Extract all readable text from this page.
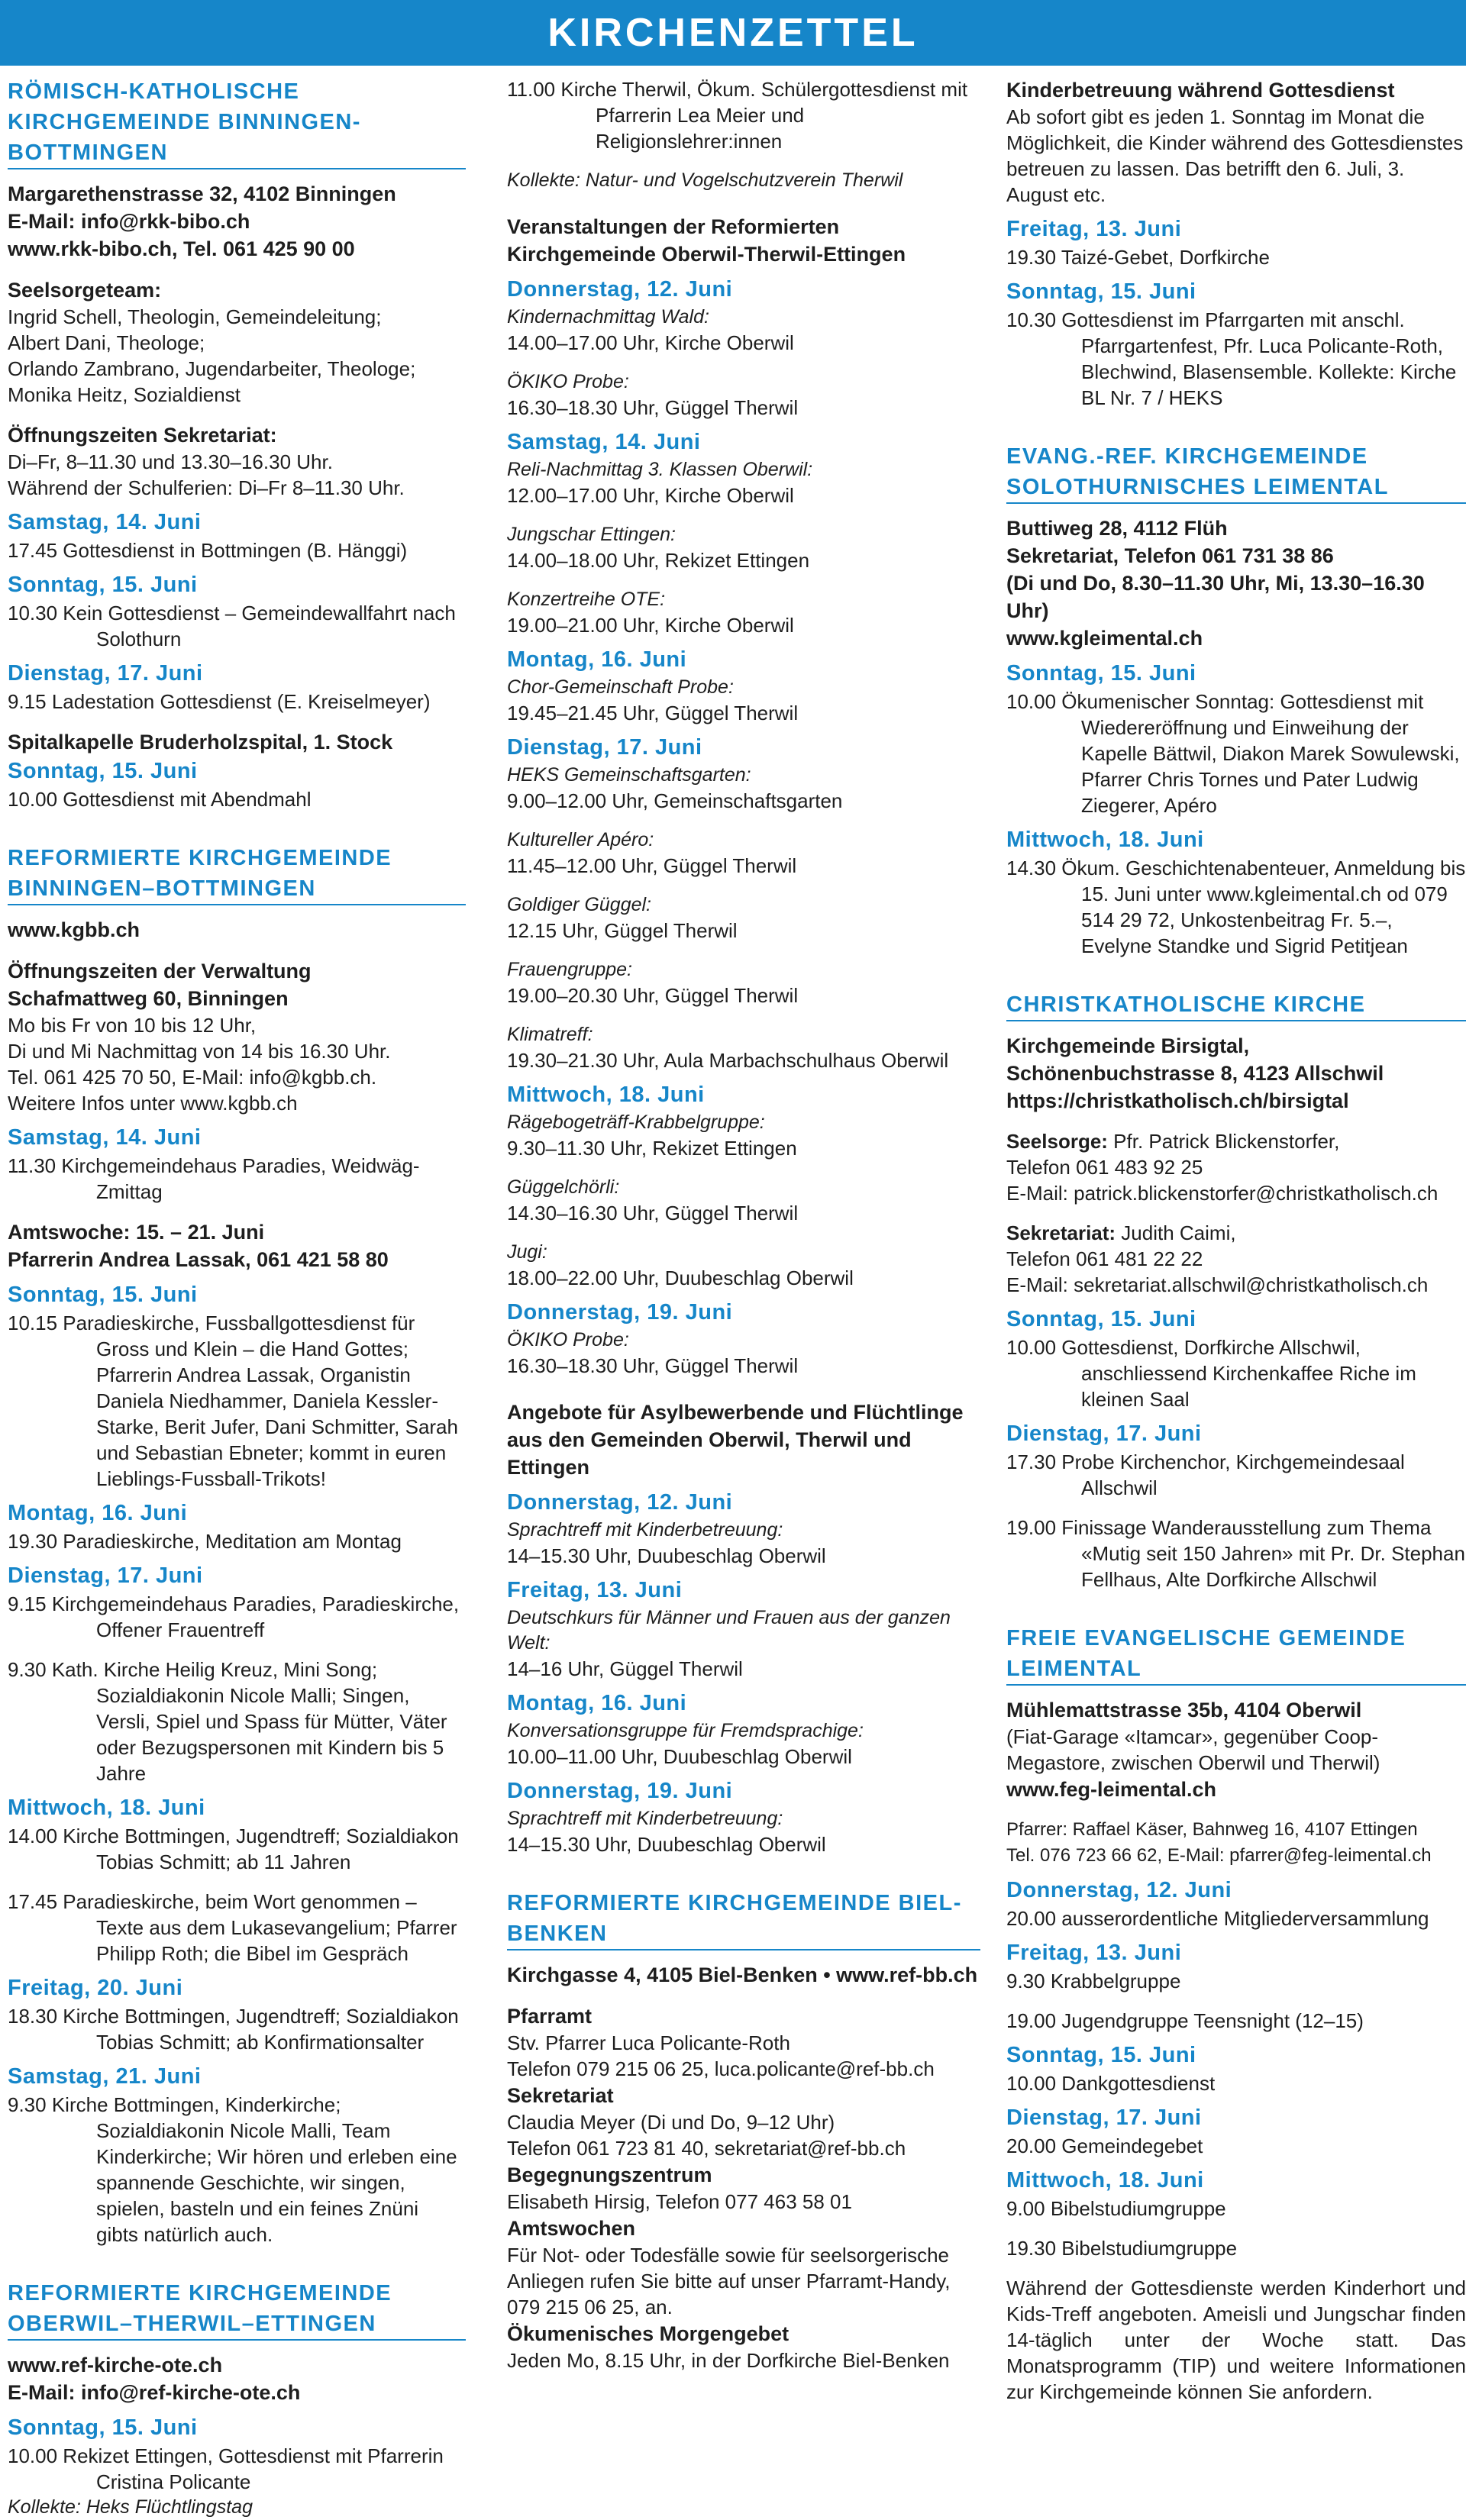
KIRCHENZETTEL
RÖMISCH-KATHOLISCHE KIRCHGEMEINDE BINNINGEN-BOTTMINGEN
Margarethenstrasse 32, 4102 Binningen
E-Mail: info@rkk-bibo.ch
www.rkk-bibo.ch, Tel. 061 425 90 00
Seelsorgeteam:
Ingrid Schell, Theologin, Gemeindeleitung;
Albert Dani, Theologe;
Orlando Zambrano, Jugendarbeiter, Theologe;
Monika Heitz, Sozialdienst
Öffnungszeiten Sekretariat:
Di–Fr, 8–11.30 und 13.30–16.30 Uhr.
Während der Schulferien: Di–Fr 8–11.30 Uhr.
Samstag, 14. Juni
17.45 Gottesdienst in Bottmingen (B. Hänggi)
Sonntag, 15. Juni
10.30 Kein Gottesdienst – Gemeindewallfahrt nach Solothurn
Dienstag, 17. Juni
9.15 Ladestation Gottesdienst (E. Kreiselmeyer)
Spitalkapelle Bruderholzspital, 1. Stock
Sonntag, 15. Juni
10.00 Gottesdienst mit Abendmahl
REFORMIERTE KIRCHGEMEINDE BINNINGEN–BOTTMINGEN
www.kgbb.ch
Öffnungszeiten der Verwaltung
Schafmattweg 60, Binningen
Mo bis Fr von 10 bis 12 Uhr,
Di und Mi Nachmittag von 14 bis 16.30 Uhr.
Tel. 061 425 70 50, E-Mail: info@kgbb.ch.
Weitere Infos unter www.kgbb.ch
Samstag, 14. Juni
11.30 Kirchgemeindehaus Paradies, Weidwäg-Zmittag
Amtswoche: 15. – 21. Juni
Pfarrerin Andrea Lassak, 061 421 58 80
Sonntag, 15. Juni
10.15 Paradieskirche, Fussballgottesdienst für Gross und Klein – die Hand Gottes; Pfarrerin Andrea Lassak, Organistin Daniela Niedhammer, Daniela Kessler-Starke, Berit Jufer, Dani Schmitter, Sarah und Sebastian Ebneter; kommt in euren Lieblings-Fussball-Trikots!
Montag, 16. Juni
19.30 Paradieskirche, Meditation am Montag
Dienstag, 17. Juni
9.15 Kirchgemeindehaus Paradies, Paradieskirche, Offener Frauentreff
9.30 Kath. Kirche Heilig Kreuz, Mini Song; Sozialdiakonin Nicole Malli; Singen, Versli, Spiel und Spass für Mütter, Väter oder Bezugspersonen mit Kindern bis 5 Jahre
Mittwoch, 18. Juni
14.00 Kirche Bottmingen, Jugendtreff; Sozialdiakon Tobias Schmitt; ab 11 Jahren
17.45 Paradieskirche, beim Wort genommen – Texte aus dem Lukasevangelium; Pfarrer Philipp Roth; die Bibel im Gespräch
Freitag, 20. Juni
18.30 Kirche Bottmingen, Jugendtreff; Sozialdiakon Tobias Schmitt; ab Konfirmationsalter
Samstag, 21. Juni
9.30 Kirche Bottmingen, Kinderkirche; Sozialdiakonin Nicole Malli, Team Kinderkirche; Wir hören und erleben eine spannende Geschichte, wir singen, spielen, basteln und ein feines Znüni gibts natürlich auch.
REFORMIERTE KIRCHGEMEINDE OBERWIL–THERWIL–ETTINGEN
www.ref-kirche-ote.ch
E-Mail: info@ref-kirche-ote.ch
Sonntag, 15. Juni
10.00 Rekizet Ettingen, Gottesdienst mit Pfarrerin Cristina Policante
Kollekte: Heks Flüchtlingstag
11.00 Kirche Therwil, Ökum. Schülergottesdienst mit Pfarrerin Lea Meier und Religionslehrer:innen
Kollekte: Natur- und Vogelschutzverein Therwil
Veranstaltungen der Reformierten Kirchgemeinde Oberwil-Therwil-Ettingen
Donnerstag, 12. Juni
Kindernachmittag Wald:
14.00–17.00 Uhr, Kirche Oberwil
ÖKIKO Probe:
16.30–18.30 Uhr, Güggel Therwil
Samstag, 14. Juni
Reli-Nachmittag 3. Klassen Oberwil:
12.00–17.00 Uhr, Kirche Oberwil
Jungschar Ettingen:
14.00–18.00 Uhr, Rekizet Ettingen
Konzertreihe OTE:
19.00–21.00 Uhr, Kirche Oberwil
Montag, 16. Juni
Chor-Gemeinschaft Probe:
19.45–21.45 Uhr, Güggel Therwil
Dienstag, 17. Juni
HEKS Gemeinschaftsgarten:
9.00–12.00 Uhr, Gemeinschaftsgarten
Kultureller Apéro:
11.45–12.00 Uhr, Güggel Therwil
Goldiger Güggel:
12.15 Uhr, Güggel Therwil
Frauengruppe:
19.00–20.30 Uhr, Güggel Therwil
Klimatreff:
19.30–21.30 Uhr, Aula Marbachschulhaus Oberwil
Mittwoch, 18. Juni
Rägebogeträff-Krabbelgruppe:
9.30–11.30 Uhr, Rekizet Ettingen
Güggelchörli:
14.30–16.30 Uhr, Güggel Therwil
Jugi:
18.00–22.00 Uhr, Duubeschlag Oberwil
Donnerstag, 19. Juni
ÖKIKO Probe:
16.30–18.30 Uhr, Güggel Therwil
Angebote für Asylbewerbende und Flüchtlinge aus den Gemeinden Oberwil, Therwil und Ettingen
Donnerstag, 12. Juni
Sprachtreff mit Kinderbetreuung:
14–15.30 Uhr, Duubeschlag Oberwil
Freitag, 13. Juni
Deutschkurs für Männer und Frauen aus der ganzen Welt:
14–16 Uhr, Güggel Therwil
Montag, 16. Juni
Konversationsgruppe für Fremdsprachige:
10.00–11.00 Uhr, Duubeschlag Oberwil
Donnerstag, 19. Juni
Sprachtreff mit Kinderbetreuung:
14–15.30 Uhr, Duubeschlag Oberwil
REFORMIERTE KIRCHGEMEINDE BIEL-BENKEN
Kirchgasse 4, 4105 Biel-Benken • www.ref-bb.ch
Pfarramt
Stv. Pfarrer Luca Policante-Roth
Telefon 079 215 06 25, luca.policante@ref-bb.ch
Sekretariat
Claudia Meyer (Di und Do, 9–12 Uhr)
Telefon 061 723 81 40, sekretariat@ref-bb.ch
Begegnungszentrum
Elisabeth Hirsig, Telefon 077 463 58 01
Amtswochen
Für Not- oder Todesfälle sowie für seelsorgerische Anliegen rufen Sie bitte auf unser Pfarramt-Handy, 079 215 06 25, an.
Ökumenisches Morgengebet
Jeden Mo, 8.15 Uhr, in der Dorfkirche Biel-Benken
Kinderbetreuung während Gottesdienst
Ab sofort gibt es jeden 1. Sonntag im Monat die Möglichkeit, die Kinder während des Gottesdienstes betreuen zu lassen. Das betrifft den 6. Juli, 3. August etc.
Freitag, 13. Juni
19.30 Taizé-Gebet, Dorfkirche
Sonntag, 15. Juni
10.30 Gottesdienst im Pfarrgarten mit anschl. Pfarrgartenfest, Pfr. Luca Policante-Roth, Blechwind, Blasensemble. Kollekte: Kirche BL Nr. 7 / HEKS
EVANG.-REF. KIRCHGEMEINDE SOLOTHURNISCHES LEIMENTAL
Buttiweg 28, 4112 Flüh
Sekretariat, Telefon 061 731 38 86
(Di und Do, 8.30–11.30 Uhr, Mi, 13.30–16.30 Uhr)
www.kgleimental.ch
Sonntag, 15. Juni
10.00 Ökumenischer Sonntag: Gottesdienst mit Wiedereröffnung und Einweihung der Kapelle Bättwil, Diakon Marek Sowulewski, Pfarrer Chris Tornes und Pater Ludwig Ziegerer, Apéro
Mittwoch, 18. Juni
14.30 Ökum. Geschichtenabenteuer, Anmeldung bis 15. Juni unter www.kgleimental.ch od 079 514 29 72, Unkostenbeitrag Fr. 5.–, Evelyne Standke und Sigrid Petitjean
CHRISTKATHOLISCHE KIRCHE
Kirchgemeinde Birsigtal,
Schönenbuchstrasse 8, 4123 Allschwil
https://christkatholisch.ch/birsigtal
Seelsorge: Pfr. Patrick Blickenstorfer,
Telefon 061 483 92 25
E-Mail: patrick.blickenstorfer@christkatholisch.ch
Sekretariat: Judith Caimi,
Telefon 061 481 22 22
E-Mail: sekretariat.allschwil@christkatholisch.ch
Sonntag, 15. Juni
10.00 Gottesdienst, Dorfkirche Allschwil, anschliessend Kirchenkaffee Riche im kleinen Saal
Dienstag, 17. Juni
17.30 Probe Kirchenchor, Kirchgemeindesaal Allschwil
19.00 Finissage Wanderausstellung zum Thema «Mutig seit 150 Jahren» mit Pr. Dr. Stephan Fellhaus, Alte Dorfkirche Allschwil
FREIE EVANGELISCHE GEMEINDE LEIMENTAL
Mühlemattstrasse 35b, 4104 Oberwil
(Fiat-Garage «Itamcar», gegenüber Coop-Megastore, zwischen Oberwil und Therwil)
www.feg-leimental.ch
Pfarrer: Raffael Käser, Bahnweg 16, 4107 Ettingen
Tel. 076 723 66 62, E-Mail: pfarrer@feg-leimental.ch
Donnerstag, 12. Juni
20.00 ausserordentliche Mitgliederversammlung
Freitag, 13. Juni
9.30 Krabbelgruppe
19.00 Jugendgruppe Teensnight (12–15)
Sonntag, 15. Juni
10.00 Dankgottesdienst
Dienstag, 17. Juni
20.00 Gemeindegebet
Mittwoch, 18. Juni
9.00 Bibelstudiumgruppe
19.30 Bibelstudiumgruppe
Während der Gottesdienste werden Kinderhort und Kids-Treff angeboten. Ameisli und Jungschar finden 14-täglich unter der Woche statt. Das Monatsprogramm (TIP) und weitere Informationen zur Kirchgemeinde können Sie anfordern.
